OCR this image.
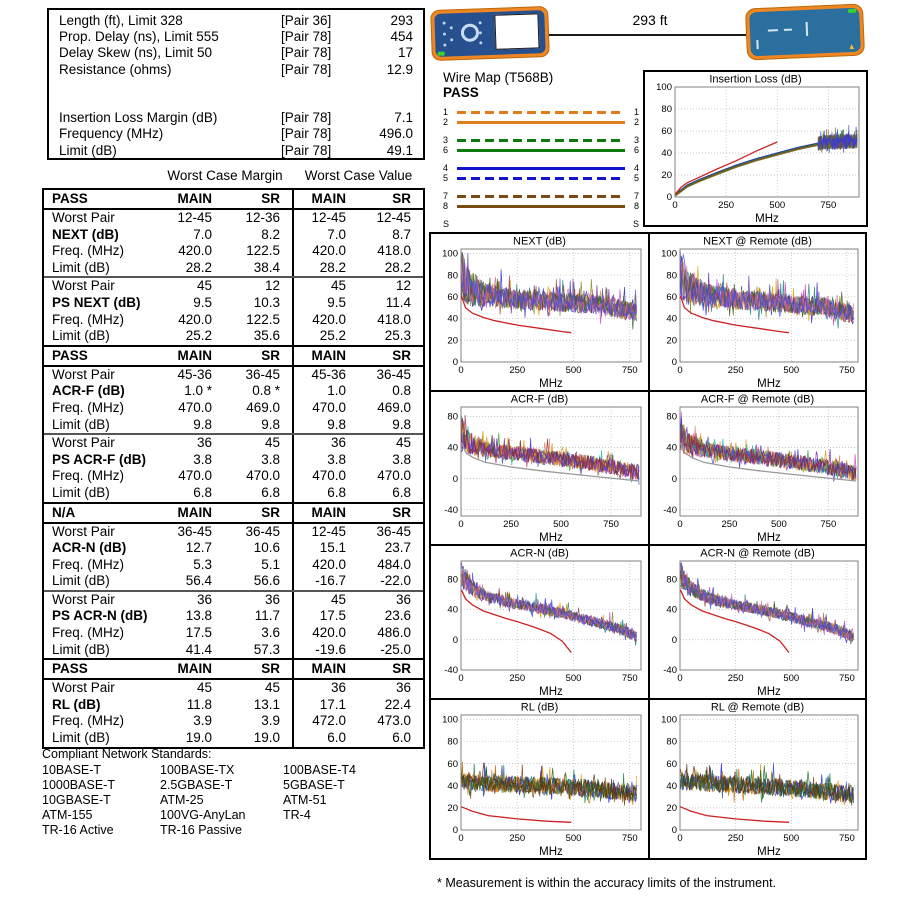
Length (ft), Limit 328	[Pair 36]	293
Prop. Delay (ns), Limit 555	[Pair 78]	454
Delay Skew (ns), Limit 50	[Pair 78]	17
Resistance (ohms)	[Pair 78]	12.9
Insertion Loss Margin (dB)	[Pair 78]	7.1
Frequency (MHz)	[Pair 78]	496.0
Limit (dB)	[Pair 78]	49.1
Worst Case Margin	Worst Case Value
PASS	MAIN	SR	MAIN	SR
Worst Pair	12-45	12-36	12-45	12-45
NEXT (dB)	7.0	8.2	7.0	8.7
Freq. (MHz)	420.0	122.5	420.0	418.0
Limit (dB)	28.2	38.4	28.2	28.2
Worst Pair	45	12	45	12
PS NEXT (dB)	9.5	10.3	9.5	11.4
Freq. (MHz)	420.0	122.5	420.0	418.0
Limit (dB)	25.2	35.6	25.2	25.3
PASS	MAIN	SR	MAIN	SR
Worst Pair	45-36	36-45	45-36	36-45
ACR-F (dB)	1.0 *	0.8 *	1.0	0.8
Freq. (MHz)	470.0	469.0	470.0	469.0
Limit (dB)	9.8	9.8	9.8	9.8
Worst Pair	36	45	36	45
PS ACR-F (dB)	3.8	3.8	3.8	3.8
Freq. (MHz)	470.0	470.0	470.0	470.0
Limit (dB)	6.8	6.8	6.8	6.8
N/A	MAIN	SR	MAIN	SR
Worst Pair	36-45	36-45	12-45	36-45
ACR-N (dB)	12.7	10.6	15.1	23.7
Freq. (MHz)	5.3	5.1	420.0	484.0
Limit (dB)	56.4	56.6	-16.7	-22.0
Worst Pair	36	36	45	36
PS ACR-N (dB)	13.8	11.7	17.5	23.6
Freq. (MHz)	17.5	3.6	420.0	486.0
Limit (dB)	41.4	57.3	-19.6	-25.0
PASS	MAIN	SR	MAIN	SR
Worst Pair	45	45	36	36
RL (dB)	11.8	13.1	17.1	22.4
Freq. (MHz)	3.9	3.9	472.0	473.0
Limit (dB)	19.0	19.0	6.0	6.0
Compliant Network Standards:
10BASE-T	100BASE-TX	100BASE-T4
1000BASE-T	2.5GBASE-T	5GBASE-T
10GBASE-T	ATM-25	ATM-51
ATM-155	100VG-AnyLan	TR-4
TR-16 Active	TR-16 Passive
293 ft
▲
Wire Map (T568B)
PASS
1	1
2	2
3	3
6	6
4	4
5	5
7	7
8	8
S	S
0
20
40
60
80
100
0	250	500	750
Insertion Loss (dB)
MHz
0
20
40
60
80
100
0	250	500	750
NEXT (dB)
MHz
0
20
40
60
80
100
0	250	500	750
NEXT @ Remote (dB)
MHz
-40
0
40
80
0	250	500	750
ACR-F (dB)
MHz
-40
0
40
80
0	250	500	750
ACR-F @ Remote (dB)
MHz
-40
0
40
80
0	250	500	750
ACR-N (dB)
MHz
-40
0
40
80
0	250	500	750
ACR-N @ Remote (dB)
MHz
0
20
40
60
80
100
0	250	500	750
RL (dB)
MHz
0
20
40
60
80
100
0	250	500	750
RL @ Remote (dB)
MHz
* Measurement is within the accuracy limits of the instrument.
